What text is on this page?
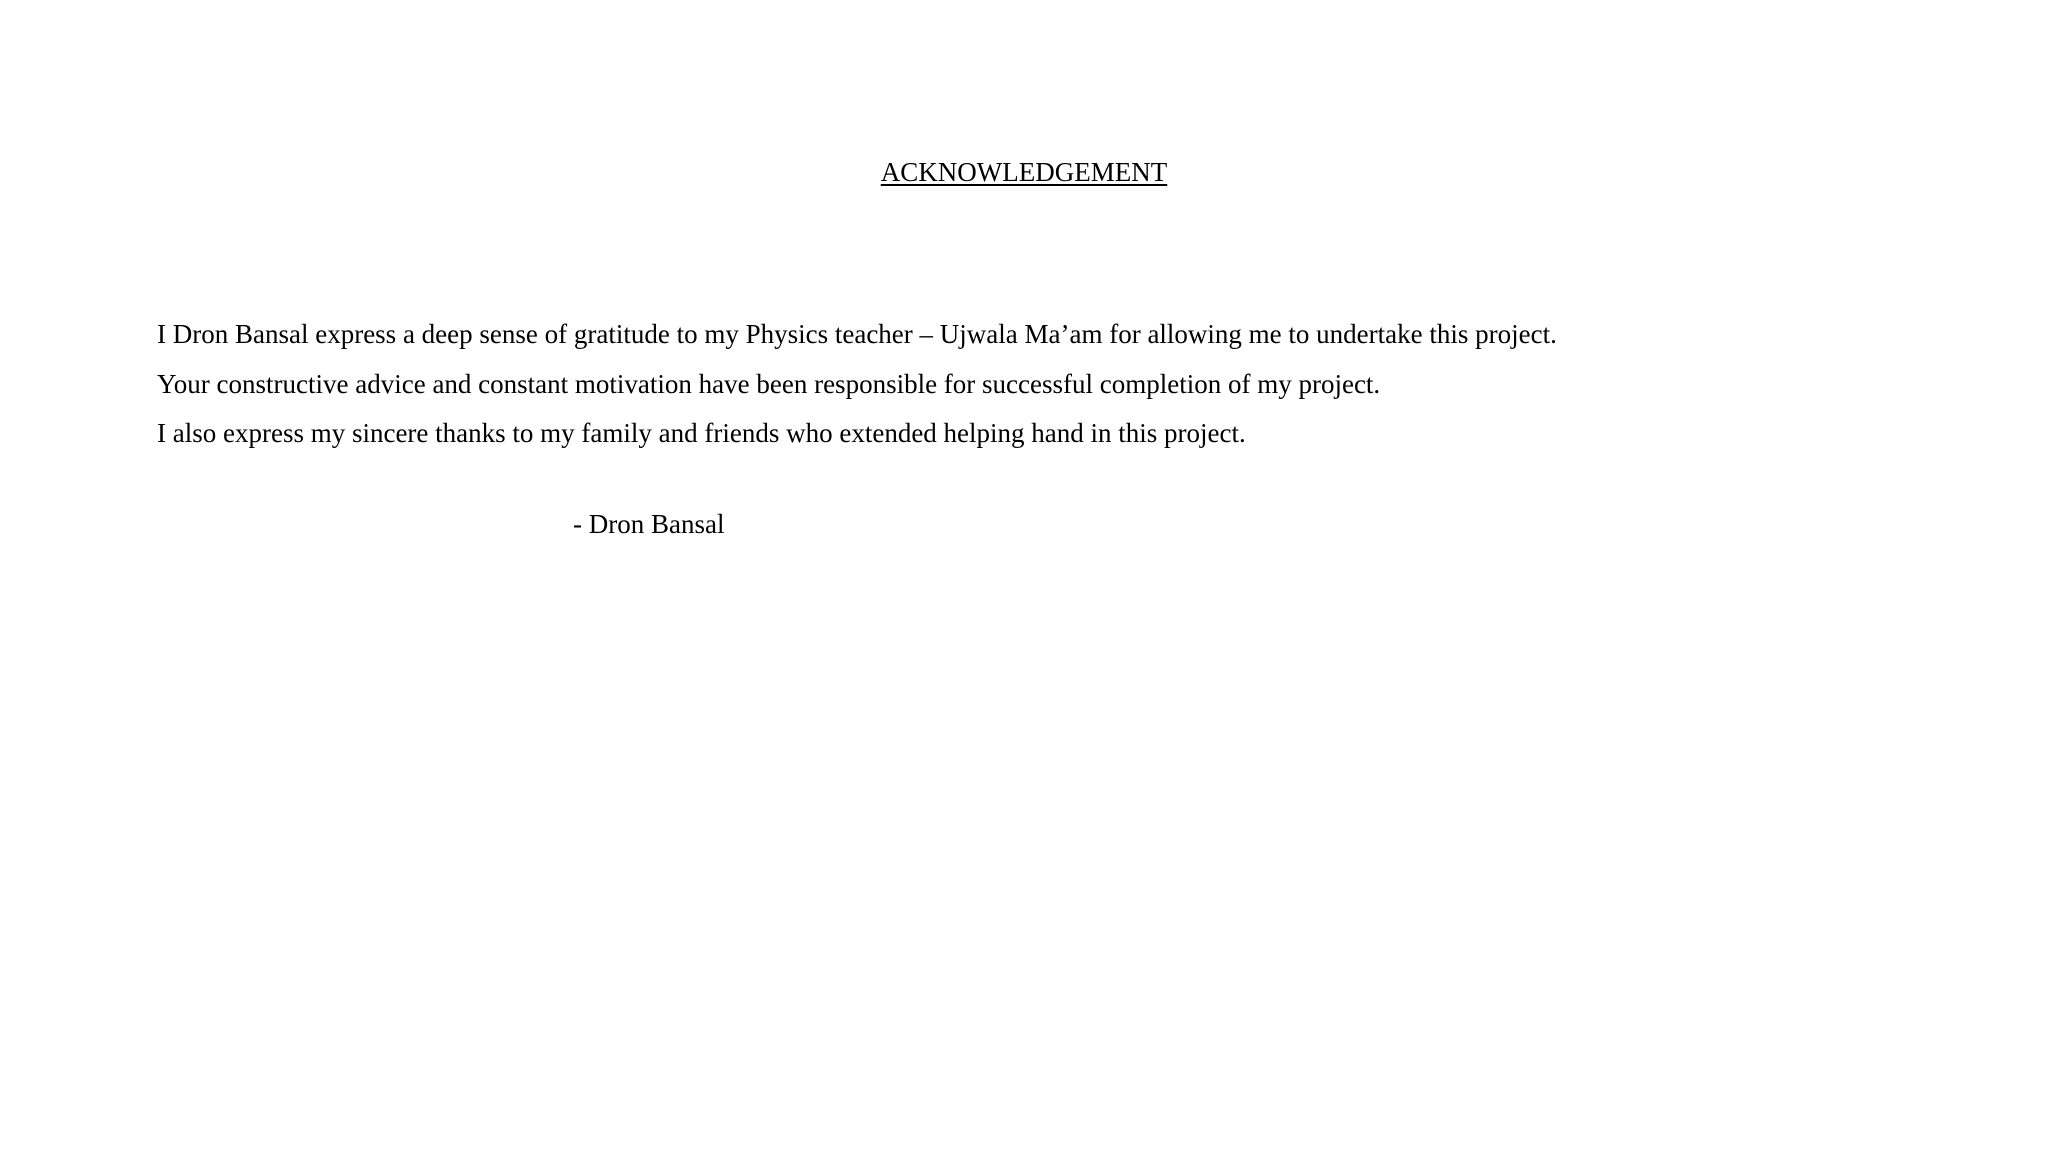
ACKNOWLEDGEMENT

I Dron Bansal express a deep sense of gratitude to my Physics teacher – Ujwala Ma’am for allowing me to undertake this project.

Your constructive advice and constant motivation have been responsible for successful completion of my project.

I also express my sincere thanks to my family and friends who extended helping hand in this project.

- Dron Bansal
